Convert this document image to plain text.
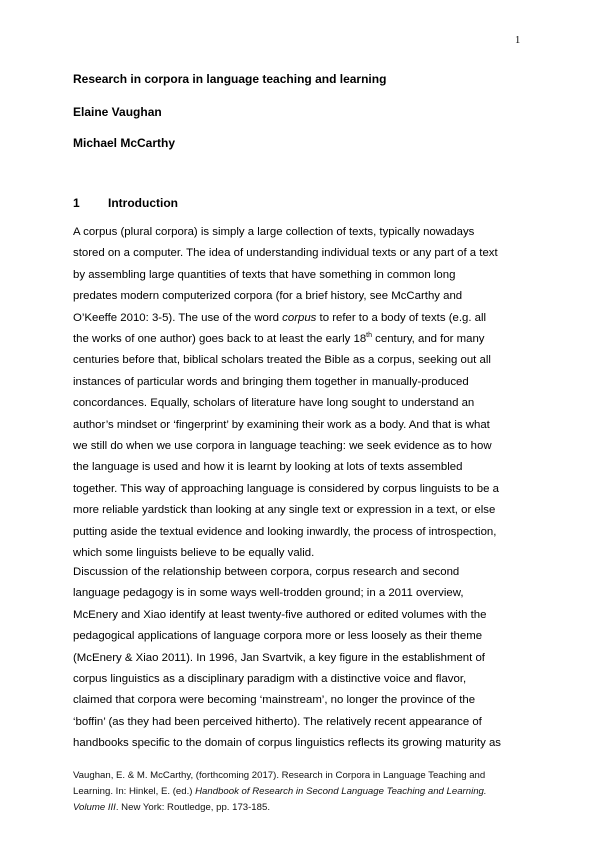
1
Research in corpora in language teaching and learning
Elaine Vaughan
Michael McCarthy
1 Introduction
A corpus (plural corpora) is simply a large collection of texts, typically nowadays
stored on a computer. The idea of understanding individual texts or any part of a text
by assembling large quantities of texts that have something in common long
predates modern computerized corpora (for a brief history, see McCarthy and
O’Keeffe 2010: 3-5). The use of the word corpus to refer to a body of texts (e.g. all
the works of one author) goes back to at least the early 18th century, and for many
centuries before that, biblical scholars treated the Bible as a corpus, seeking out all
instances of particular words and bringing them together in manually-produced
concordances. Equally, scholars of literature have long sought to understand an
author’s mindset or ‘fingerprint’ by examining their work as a body. And that is what
we still do when we use corpora in language teaching: we seek evidence as to how
the language is used and how it is learnt by looking at lots of texts assembled
together. This way of approaching language is considered by corpus linguists to be a
more reliable yardstick than looking at any single text or expression in a text, or else
putting aside the textual evidence and looking inwardly, the process of introspection,
which some linguists believe to be equally valid.
Discussion of the relationship between corpora, corpus research and second
language pedagogy is in some ways well-trodden ground; in a 2011 overview,
McEnery and Xiao identify at least twenty-five authored or edited volumes with the
pedagogical applications of language corpora more or less loosely as their theme
(McEnery & Xiao 2011). In 1996, Jan Svartvik, a key figure in the establishment of
corpus linguistics as a disciplinary paradigm with a distinctive voice and flavor,
claimed that corpora were becoming ‘mainstream’, no longer the province of the
‘boffin’ (as they had been perceived hitherto). The relatively recent appearance of
handbooks specific to the domain of corpus linguistics reflects its growing maturity as
Vaughan, E. & M. McCarthy, (forthcoming 2017). Research in Corpora in Language Teaching and
Learning. In: Hinkel, E. (ed.) Handbook of Research in Second Language Teaching and Learning.
Volume III. New York: Routledge, pp. 173-185.
